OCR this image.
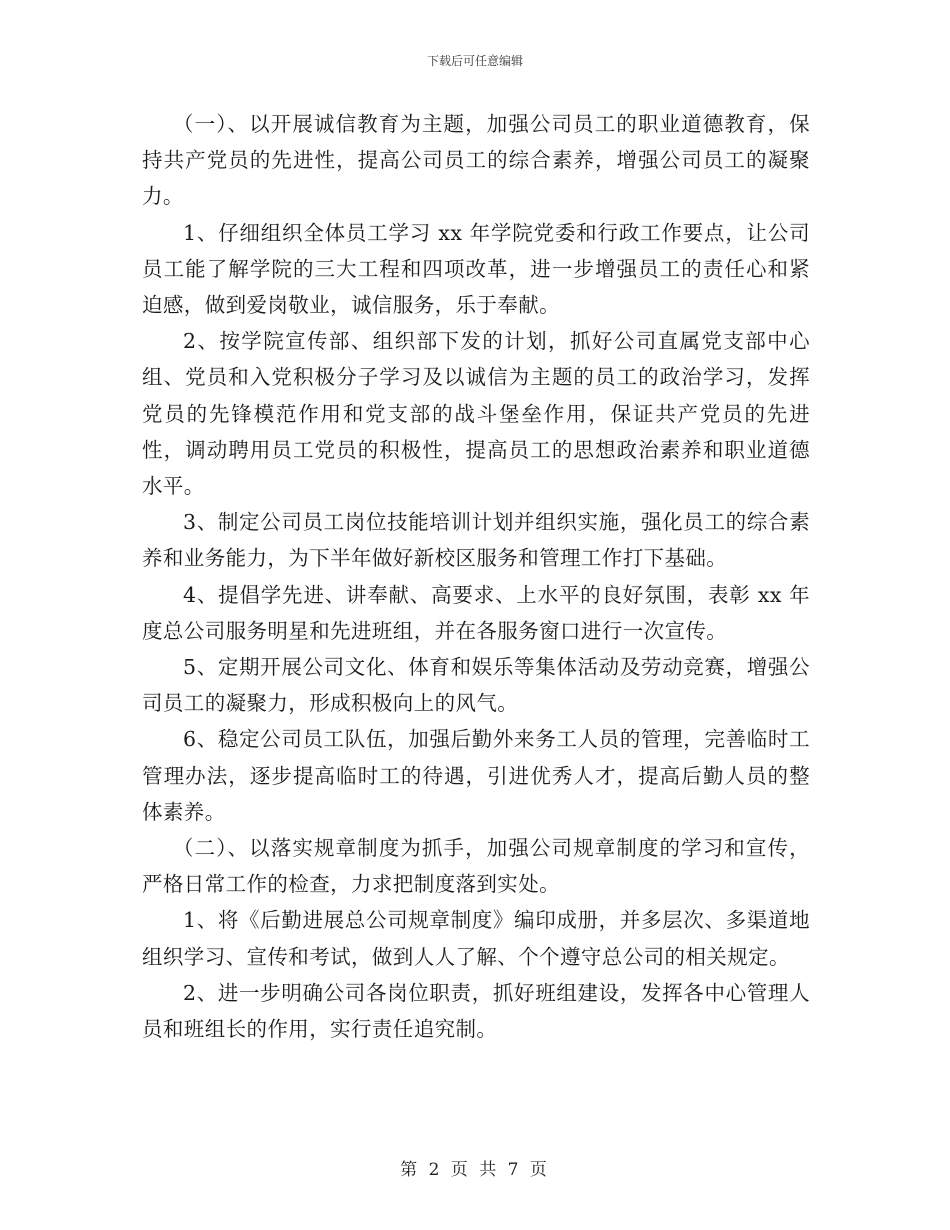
下载后可任意编辑

（一）、以开展诚信教育为主题，加强公司员工的职业道德教育，保持共产党员的先进性，提高公司员工的综合素养，增强公司员工的凝聚力。

1、仔细组织全体员工学习 xx 年学院党委和行政工作要点，让公司员工能了解学院的三大工程和四项改革，进一步增强员工的责任心和紧迫感，做到爱岗敬业，诚信服务，乐于奉献。

2、按学院宣传部、组织部下发的计划，抓好公司直属党支部中心组、党员和入党积极分子学习及以诚信为主题的员工的政治学习，发挥党员的先锋模范作用和党支部的战斗堡垒作用，保证共产党员的先进性，调动聘用员工党员的积极性，提高员工的思想政治素养和职业道德水平。

3、制定公司员工岗位技能培训计划并组织实施，强化员工的综合素养和业务能力，为下半年做好新校区服务和管理工作打下基础。

4、提倡学先进、讲奉献、高要求、上水平的良好氛围，表彰 xx 年度总公司服务明星和先进班组，并在各服务窗口进行一次宣传。

5、定期开展公司文化、体育和娱乐等集体活动及劳动竞赛，增强公司员工的凝聚力，形成积极向上的风气。

6、稳定公司员工队伍，加强后勤外来务工人员的管理，完善临时工管理办法，逐步提高临时工的待遇，引进优秀人才，提高后勤人员的整体素养。

（二）、以落实规章制度为抓手，加强公司规章制度的学习和宣传，严格日常工作的检查，力求把制度落到实处。

1、将《后勤进展总公司规章制度》编印成册，并多层次、多渠道地组织学习、宣传和考试，做到人人了解、个个遵守总公司的相关规定。

2、进一步明确公司各岗位职责，抓好班组建设，发挥各中心管理人员和班组长的作用，实行责任追究制。

第 2 页 共 7 页
